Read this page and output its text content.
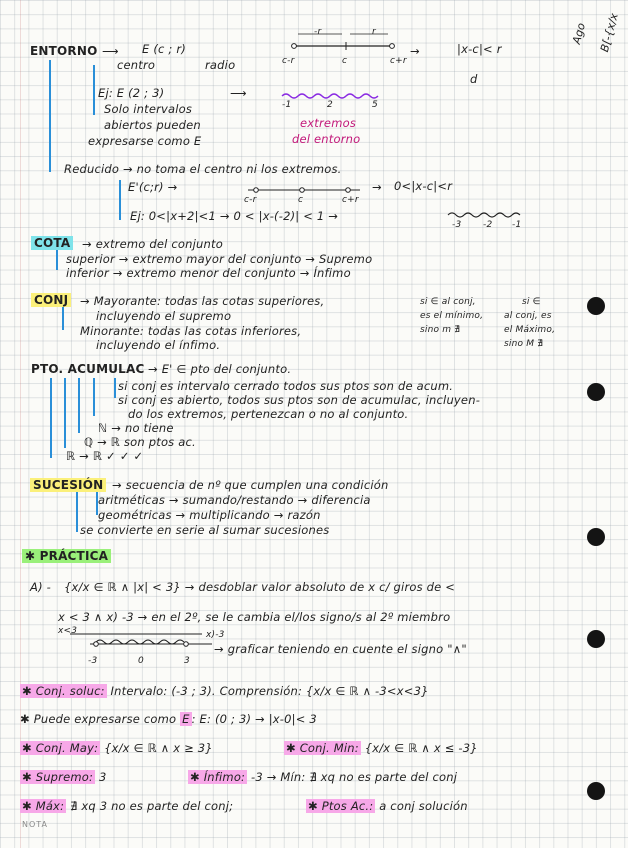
Ago B[-{x/x
ENTORNO ⟶ E (c ; r)
centro	radio
-r	r
c-r	c	c+r
→	|x-c|< r
d
Ej: E (2 ; 3)	⟶
-1	2	5
Solo intervalos
abiertos pueden
expresarse como E
extremos
del entorno
Reducido → no toma el centro ni los extremos.
E'(c;r) →
c-r	c	c+r
→ 0<|x-c|<r
Ej: 0<|x+2|<1 → 0 < |x-(-2)| < 1 →
-3 -2 -1
COTA → extremo del conjunto
superior → extremo mayor del conjunto → Supremo
inferior → extremo menor del conjunto → Ínfimo
CONJ → Mayorante: todas las cotas superiores,
incluyendo el supremo
Minorante: todas las cotas inferiores,
incluyendo el ínfimo.
si ∈ al conj,
es el mínimo,
sino m ∄
si ∈
al conj, es
el Máximo,
sino M ∄
PTO. ACUMULAC → E' ∈ pto del conjunto.
si conj es intervalo cerrado todos sus ptos son de acum.
si conj es abierto, todos sus ptos son de acumulac, incluyen-
do los extremos, pertenezcan o no al conjunto.
ℕ → no tiene
ℚ → ℝ son ptos ac.
ℝ → ℝ ✓ ✓ ✓
SUCESIÓN → secuencia de nº que cumplen una condición
aritméticas → sumando/restando → diferencia
geométricas → multiplicando → razón
se convierte en serie al sumar sucesiones
✱ PRÁCTICA
A) - {x/x ∈ ℝ ∧ |x| < 3} → desdoblar valor absoluto de x c/ giros de <
x < 3 ∧ x) -3 → en el 2º, se le cambia el/los signo/s al 2º miembro
x<3	x)-3
→ graficar teniendo en cuente el signo "∧"
-3	0	3
✱ Conj. soluc: Intervalo: (-3 ; 3). Comprensión: {x/x ∈ ℝ ∧ -3<x<3}
✱ Puede expresarse como E : E: (0 ; 3) → |x-0|< 3
✱ Conj. May: {x/x ∈ ℝ ∧ x ≥ 3}	✱ Conj. Min: {x/x ∈ ℝ ∧ x ≤ -3}
✱ Supremo: 3	✱ Ínfimo: -3 → Mín: ∄ xq no es parte del conj
✱ Máx: ∄ xq 3 no es parte del conj;	✱ Ptos Ac.: a conj solución
NOTA
